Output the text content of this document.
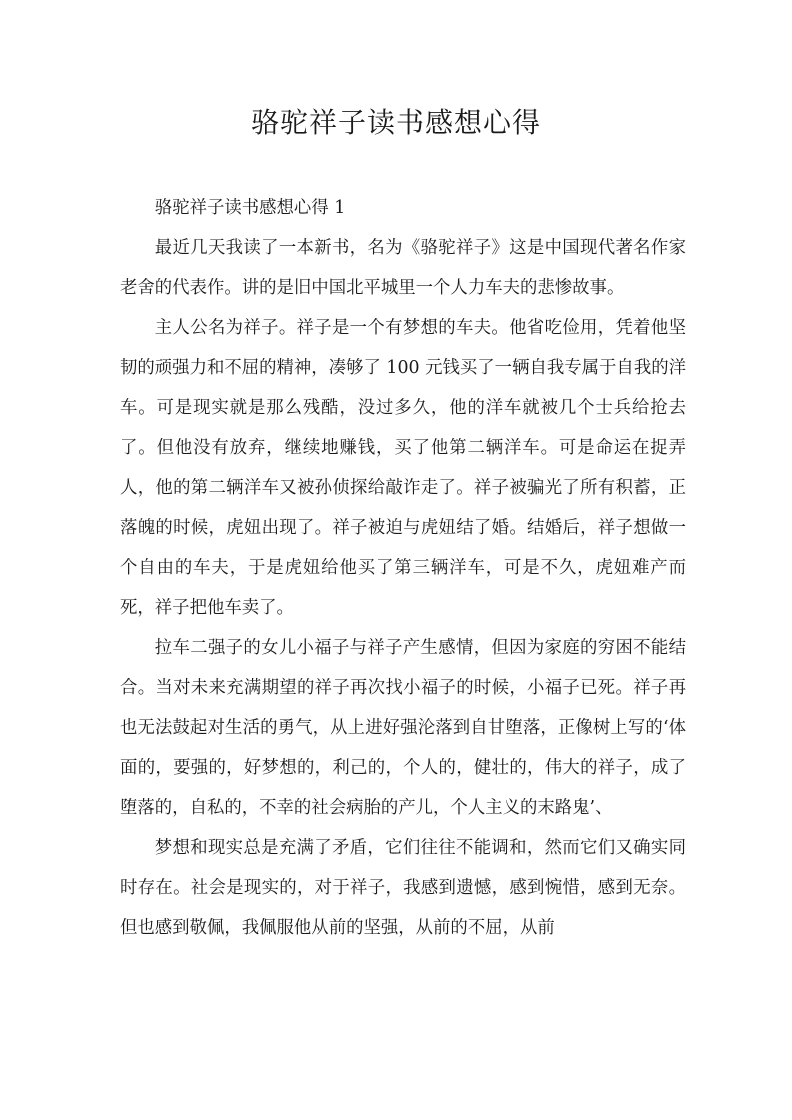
骆驼祥子读书感想心得

骆驼祥子读书感想心得 1

最近几天我读了一本新书，名为《骆驼祥子》这是中国现代著名作家老舍的代表作。讲的是旧中国北平城里一个人力车夫的悲惨故事。

主人公名为祥子。祥子是一个有梦想的车夫。他省吃俭用，凭着他坚韧的顽强力和不屈的精神，凑够了 100 元钱买了一辆自我专属于自我的洋车。可是现实就是那么残酷，没过多久，他的洋车就被几个士兵给抢去了。但他没有放弃，继续地赚钱，买了他第二辆洋车。可是命运在捉弄人，他的第二辆洋车又被孙侦探给敲诈走了。祥子被骗光了所有积蓄，正落魄的时候，虎妞出现了。祥子被迫与虎妞结了婚。结婚后，祥子想做一个自由的车夫，于是虎妞给他买了第三辆洋车，可是不久，虎妞难产而死，祥子把他车卖了。

拉车二强子的女儿小福子与祥子产生感情，但因为家庭的穷困不能结合。当对未来充满期望的祥子再次找小福子的时候，小福子已死。祥子再也无法鼓起对生活的勇气，从上进好强沦落到自甘堕落，正像树上写的‘体面的，要强的，好梦想的，利己的，个人的，健壮的，伟大的祥子，成了堕落的，自私的，不幸的社会病胎的产儿，个人主义的末路鬼’、

梦想和现实总是充满了矛盾，它们往往不能调和，然而它们又确实同时存在。社会是现实的，对于祥子，我感到遗憾，感到惋惜，感到无奈。但也感到敬佩，我佩服他从前的坚强，从前的不屈，从前
